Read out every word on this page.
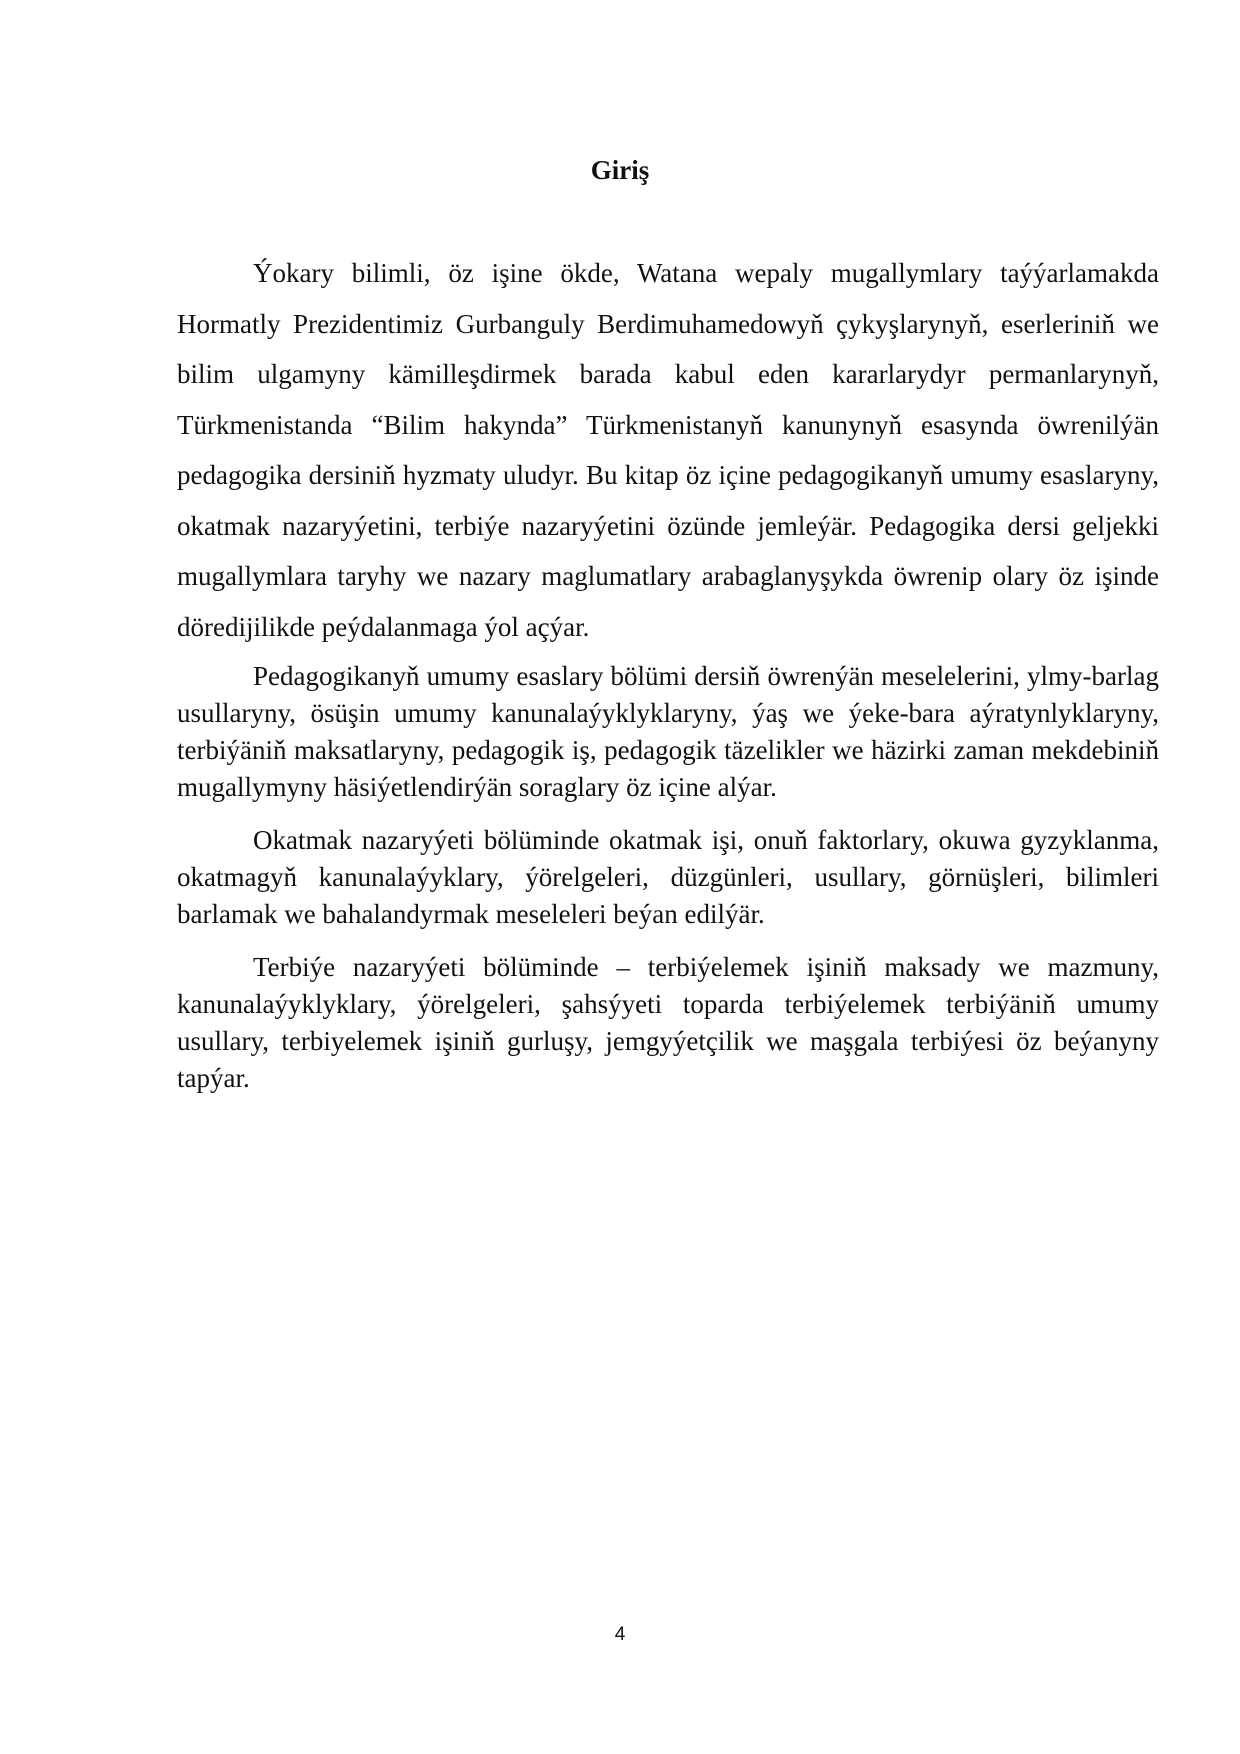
Giriş

Ýokary bilimli, öz işine ökde, Watana wepaly mugallymlary taýýarlamakda Hormatly Prezidentimiz Gurbanguly Berdimuhamedowyň çykyşlarynyň, eserleriniň we bilim ulgamyny kämilleşdirmek barada kabul eden kararlarydyr permanlarynyň, Türkmenistanda “Bilim hakynda” Türkmenistanyň kanunynyň esasynda öwrenilýän pedagogika dersiniň hyzmaty uludyr. Bu kitap öz içine pedagogikanyň umumy esaslaryny, okatmak nazaryýetini, terbiýe nazaryýetini özünde jemleýär. Pedagogika dersi geljekki mugallymlara taryhy we nazary maglumatlary arabaglanyşykda öwrenip olary öz işinde döredijilikde peýdalanmaga ýol açýar.

Pedagogikanyň umumy esaslary bölümi dersiň öwrenýän meselelerini, ylmy-barlag usullaryny, ösüşin umumy kanunalaýyklyklaryny, ýaş we ýeke-bara aýratynlyklaryny, terbiýäniň maksatlaryny, pedagogik iş, pedagogik täzelikler we häzirki zaman mekdebiniň mugallymyny häsiýetlendirýän soraglary öz içine alýar.

Okatmak nazaryýeti bölüminde okatmak işi, onuň faktorlary, okuwa gyzyklanma, okatmagyň kanunalaýyklary, ýörelgeleri, düzgünleri, usullary, görnüşleri, bilimleri barlamak we bahalandyrmak meseleleri beýan edilýär.

Terbiýe nazaryýeti bölüminde – terbiýelemek işiniň maksady we mazmuny, kanunalaýyklyklary, ýörelgeleri, şahsýyeti toparda terbiýelemek terbiýäniň umumy usullary, terbiyelemek işiniň gurluşy, jemgyýetçilik we maşgala terbiýesi öz beýanyny tapýar.

4
